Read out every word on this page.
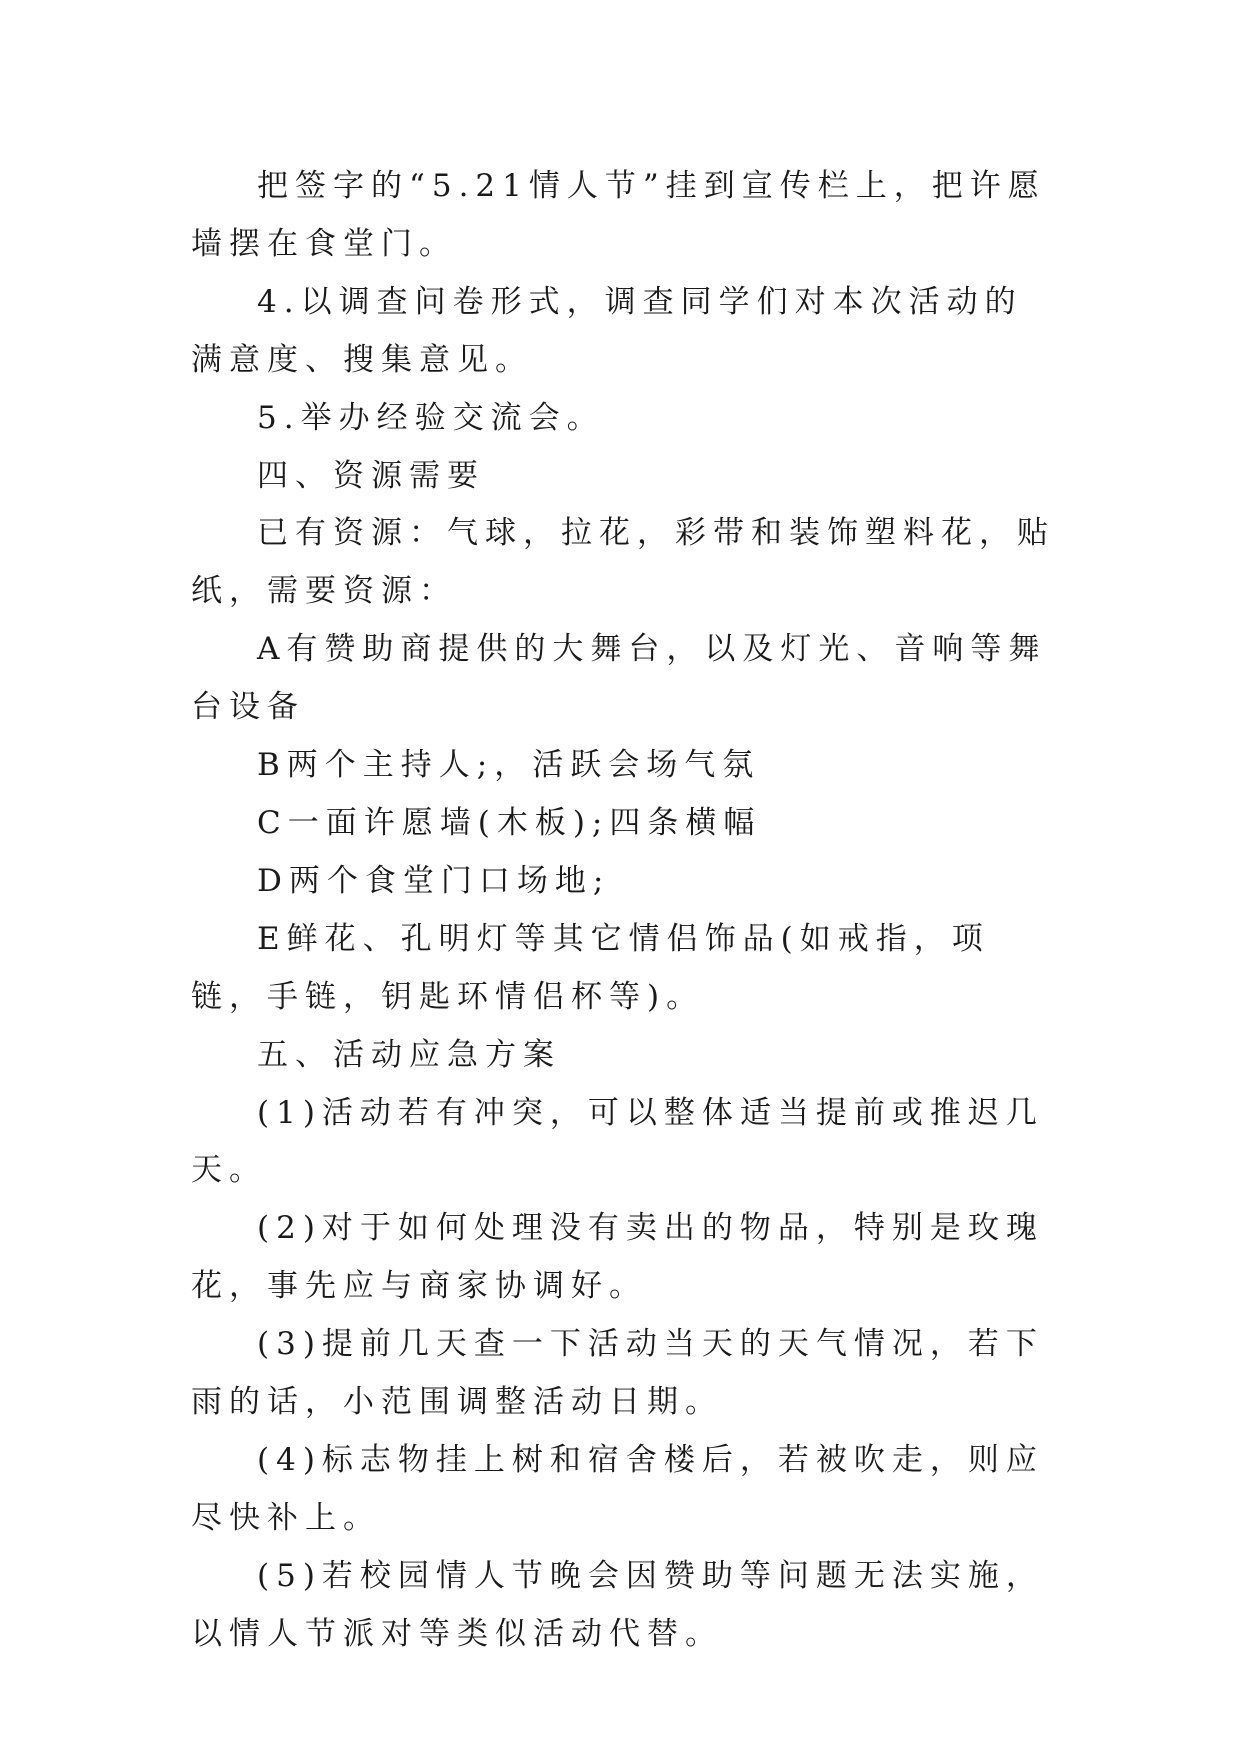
把签字的“5.21情人节”挂到宣传栏上，把许愿墙摆在食堂门。

4.以调查问卷形式，调查同学们对本次活动的满意度、搜集意见。

5.举办经验交流会。

四、资源需要

已有资源：气球，拉花，彩带和装饰塑料花，贴纸，需要资源：

A有赞助商提供的大舞台，以及灯光、音响等舞台设备

B两个主持人;，活跃会场气氛

C一面许愿墙(木板);四条横幅

D两个食堂门口场地;

E鲜花、孔明灯等其它情侣饰品(如戒指，项链，手链，钥匙环情侣杯等)。

五、活动应急方案

(1)活动若有冲突，可以整体适当提前或推迟几天。

(2)对于如何处理没有卖出的物品，特别是玫瑰花，事先应与商家协调好。

(3)提前几天查一下活动当天的天气情况，若下雨的话，小范围调整活动日期。

(4)标志物挂上树和宿舍楼后，若被吹走，则应尽快补上。

(5)若校园情人节晚会因赞助等问题无法实施，以情人节派对等类似活动代替。
